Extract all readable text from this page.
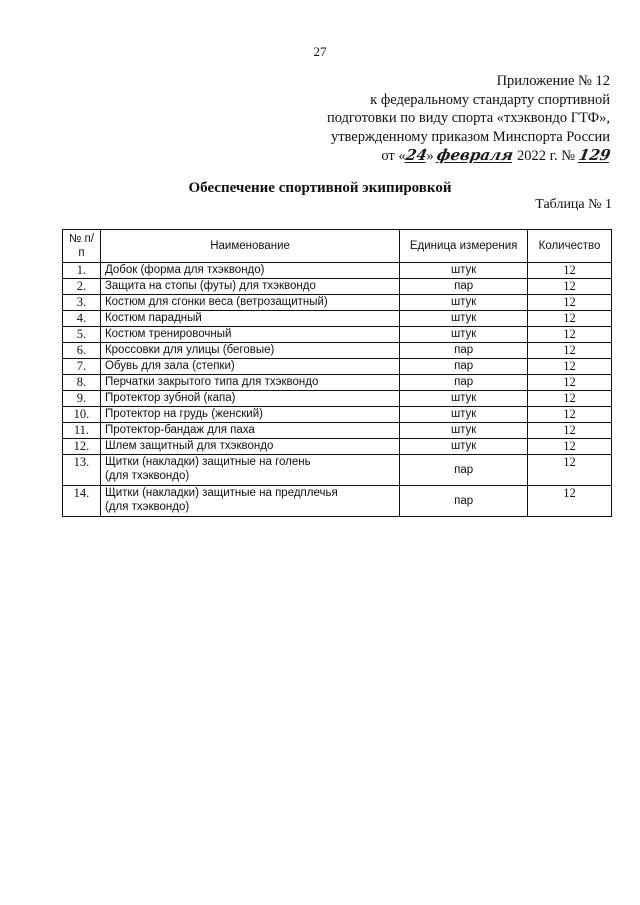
27
Приложение № 12
к федеральному стандарту спортивной
подготовки по виду спорта «тхэквондо ГТФ»,
утвержденному приказом Минспорта России
от «24» февраля 2022 г. № 129
Обеспечение спортивной экипировкой
Таблица № 1
№ п/п	Наименование	Единица измерения	Количество
1.	Добок (форма для тхэквондо)	штук	12
2.	Защита на стопы (футы) для тхэквондо	пар	12
3.	Костюм для сгонки веса (ветрозащитный)	штук	12
4.	Костюм парадный	штук	12
5.	Костюм тренировочный	штук	12
6.	Кроссовки для улицы (беговые)	пар	12
7.	Обувь для зала (степки)	пар	12
8.	Перчатки закрытого типа для тхэквондо	пар	12
9.	Протектор зубной (капа)	штук	12
10.	Протектор на грудь (женский)	штук	12
11.	Протектор-бандаж для паха	штук	12
12.	Шлем защитный для тхэквондо	штук	12
13.	Щитки (накладки) защитные на голень
(для тхэквондо)	пар	12
14.	Щитки (накладки) защитные на предплечья
(для тхэквондо)	пар	12
